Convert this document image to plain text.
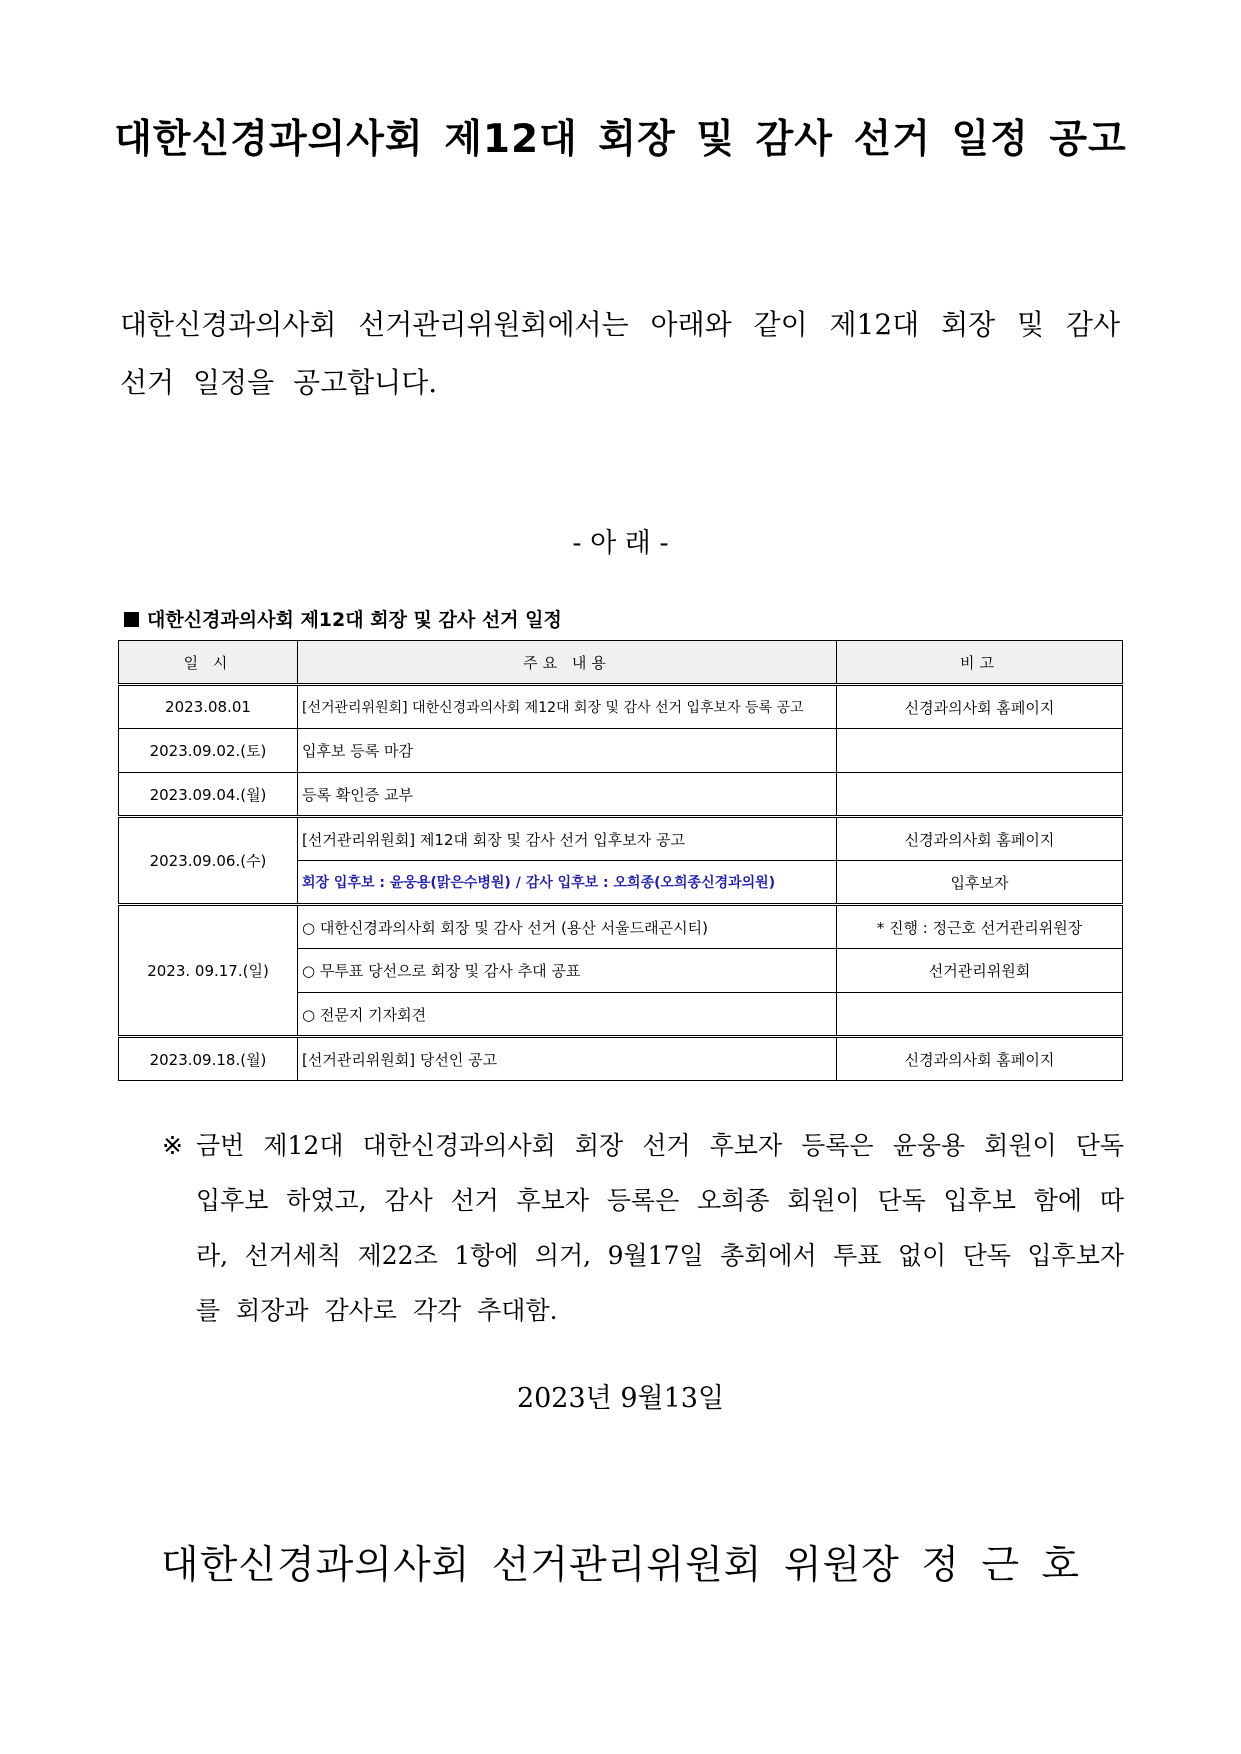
대한신경과의사회 제12대 회장 및 감사 선거 일정 공고
대한신경과의사회 선거관리위원회에서는 아래와 같이 제12대 회장 및 감사 선거 일정을 공고합니다.
- 아 래 -
대한신경과의사회 제12대 회장 및 감사 선거 일정
일 시	주요 내용	비고
2023.08.01	[선거관리위원회] 대한신경과의사회 제12대 회장 및 감사 선거 입후보자 등록 공고	신경과의사회 홈페이지
2023.09.02.(토)	입후보 등록 마감	
2023.09.04.(월)	등록 확인증 교부	
2023.09.06.(수)	[선거관리위원회] 제12대 회장 및 감사 선거 입후보자 공고	신경과의사회 홈페이지
	회장 입후보 : 윤웅용(맑은수병원) / 감사 입후보 : 오희종(오희종신경과의원)	입후보자
2023. 09.17.(일)	○ 대한신경과의사회 회장 및 감사 선거 (용산 서울드래곤시티)	* 진행 : 정근호 선거관리위원장
	○ 무투표 당선으로 회장 및 감사 추대 공표	선거관리위원회
	○ 전문지 기자회견	
2023.09.18.(월)	[선거관리위원회] 당선인 공고	신경과의사회 홈페이지
※ 금번 제12대 대한신경과의사회 회장 선거 후보자 등록은 윤웅용 회원이 단독 입후보 하였고, 감사 선거 후보자 등록은 오희종 회원이 단독 입후보 함에 따라, 선거세칙 제22조 1항에 의거, 9월17일 총회에서 투표 없이 단독 입후보자를 회장과 감사로 각각 추대함.
2023년 9월13일
대한신경과의사회 선거관리위원회 위원장 정 근 호
